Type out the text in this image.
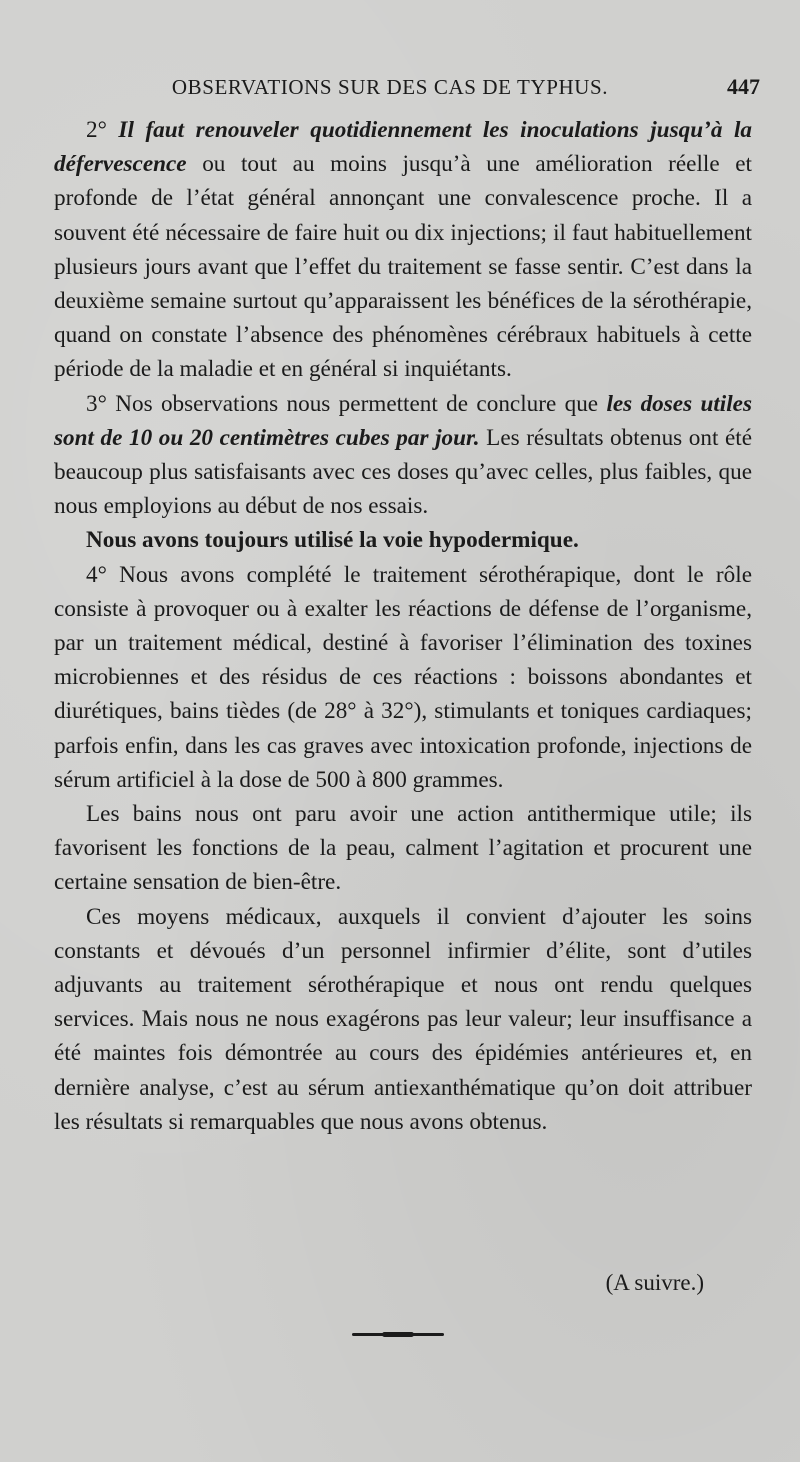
OBSERVATIONS SUR DES CAS DE TYPHUS.	447

2° Il faut renouveler quotidiennement les inoculations jusqu’à la défervescence ou tout au moins jusqu’à une amélioration réelle et profonde de l’état général annonçant une convalescence proche. Il a souvent été nécessaire de faire huit ou dix injections; il faut habituellement plusieurs jours avant que l’effet du traitement se fasse sentir. C’est dans la deuxième semaine surtout qu’apparaissent les bénéfices de la sérothérapie, quand on constate l’absence des phénomènes cérébraux habituels à cette période de la maladie et en général si inquiétants.

3° Nos observations nous permettent de conclure que les doses utiles sont de 10 ou 20 centimètres cubes par jour. Les résultats obtenus ont été beaucoup plus satisfaisants avec ces doses qu’avec celles, plus faibles, que nous employions au début de nos essais.

Nous avons toujours utilisé la voie hypodermique.

4° Nous avons complété le traitement sérothérapique, dont le rôle consiste à provoquer ou à exalter les réactions de défense de l’organisme, par un traitement médical, destiné à favoriser l’élimination des toxines microbiennes et des résidus de ces réactions : boissons abondantes et diurétiques, bains tièdes (de 28° à 32°), stimulants et toniques cardiaques; parfois enfin, dans les cas graves avec intoxication profonde, injections de sérum artificiel à la dose de 500 à 800 grammes.

Les bains nous ont paru avoir une action antithermique utile; ils favorisent les fonctions de la peau, calment l’agitation et procurent une certaine sensation de bien-être.

Ces moyens médicaux, auxquels il convient d’ajouter les soins constants et dévoués d’un personnel infirmier d’élite, sont d’utiles adjuvants au traitement sérothérapique et nous ont rendu quelques services. Mais nous ne nous exagérons pas leur valeur; leur insuffisance a été maintes fois démontrée au cours des épidémies antérieures et, en dernière analyse, c’est au sérum antiexanthématique qu’on doit attribuer les résultats si remarquables que nous avons obtenus.

(A suivre.)
